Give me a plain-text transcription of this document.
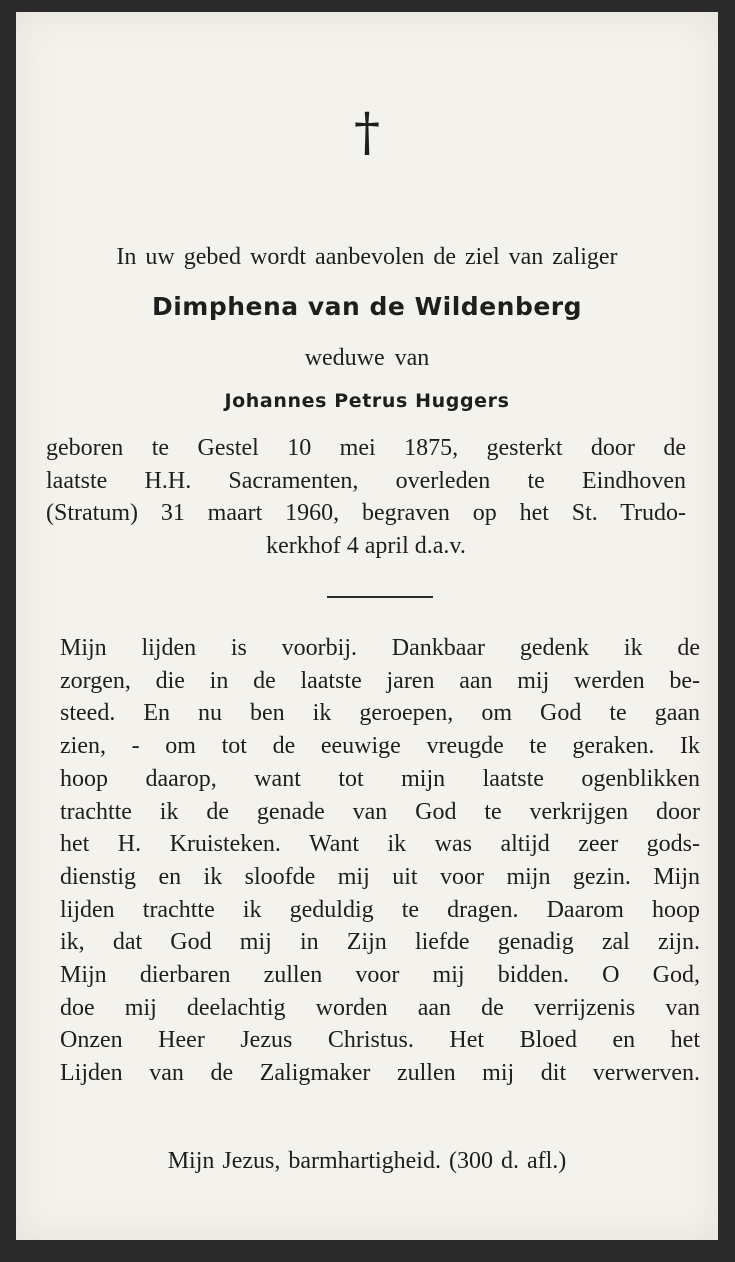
†
In uw gebed wordt aanbevolen de ziel van zaliger
Dimphena van de Wildenberg
weduwe van
Johannes Petrus Huggers
geboren te Gestel 10 mei 1875, gesterkt door de
laatste H.H. Sacramenten, overleden te Eindhoven
(Stratum) 31 maart 1960, begraven op het St. Trudo-
kerkhof 4 april d.a.v.
Mijn lijden is voorbij. Dankbaar gedenk ik de
zorgen, die in de laatste jaren aan mij werden be-
steed. En nu ben ik geroepen, om God te gaan
zien, - om tot de eeuwige vreugde te geraken. Ik
hoop daarop, want tot mijn laatste ogenblikken
trachtte ik de genade van God te verkrijgen door
het H. Kruisteken. Want ik was altijd zeer gods-
dienstig en ik sloofde mij uit voor mijn gezin. Mijn
lijden trachtte ik geduldig te dragen. Daarom hoop
ik, dat God mij in Zijn liefde genadig zal zijn.
Mijn dierbaren zullen voor mij bidden. O God,
doe mij deelachtig worden aan de verrijzenis van
Onzen Heer Jezus Christus. Het Bloed en het
Lijden van de Zaligmaker zullen mij dit verwerven.
Mijn Jezus, barmhartigheid. (300 d. afl.)
